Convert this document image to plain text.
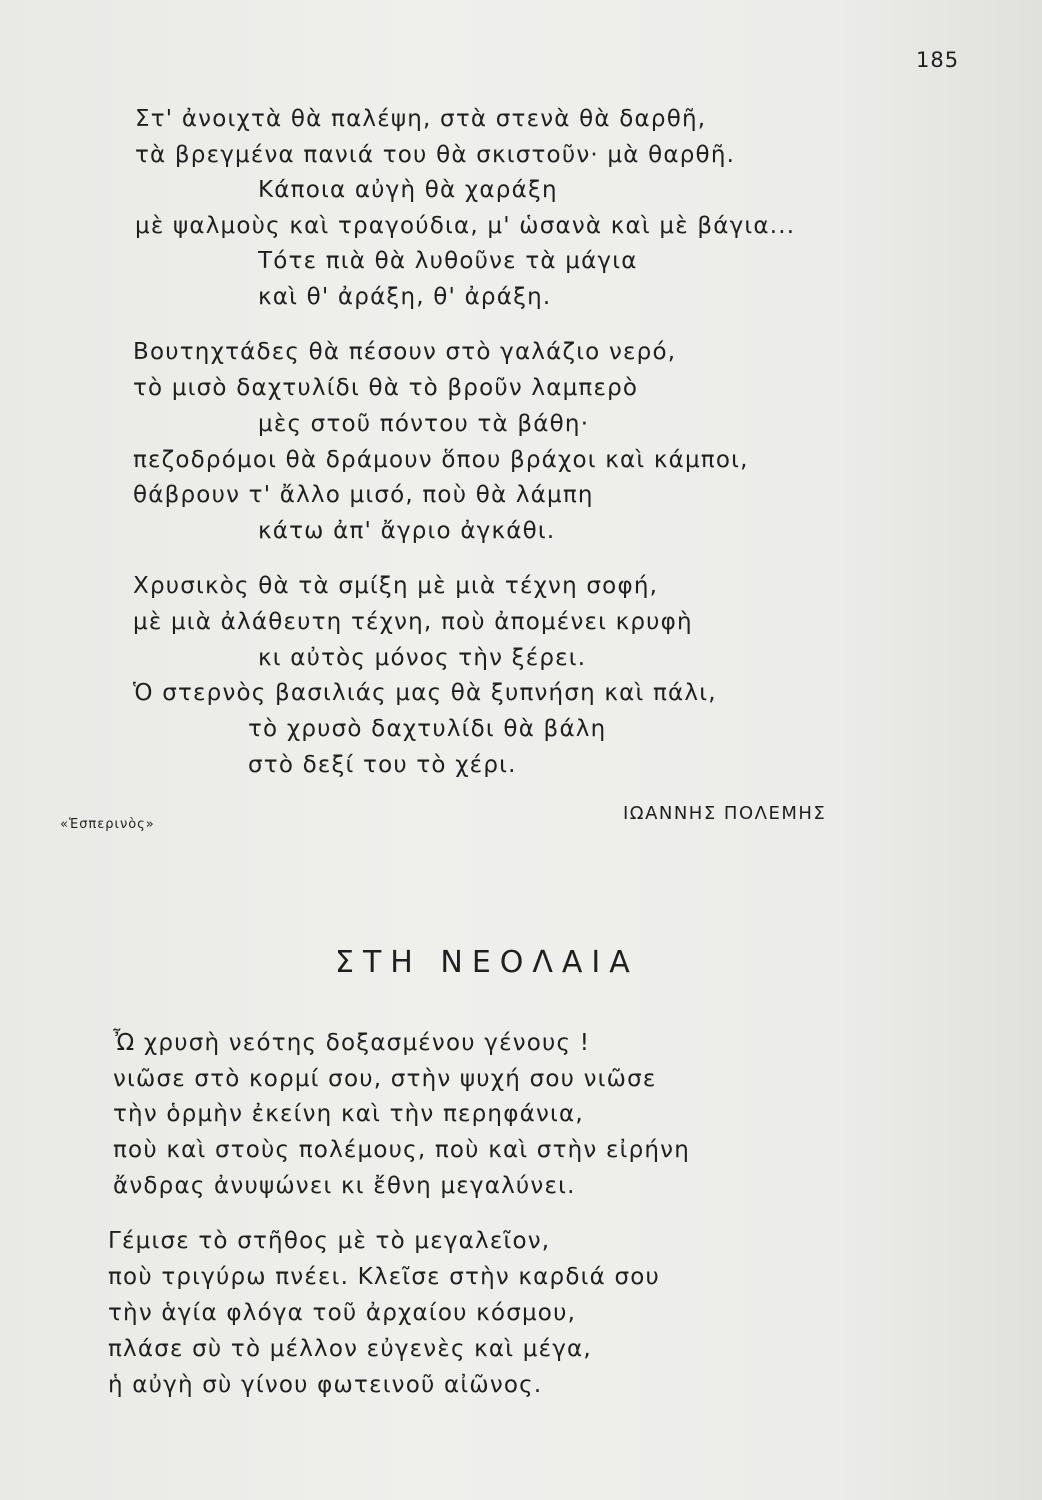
185
Στ' ἀνοιχτὰ θὰ παλέψη, στὰ στενὰ θὰ δαρθῆ,
τὰ βρεγμένα πανιά του θὰ σκιστοῦν· μὰ θαρθῆ.
Κάποια αὐγὴ θὰ χαράξη
μὲ ψαλμοὺς καὶ τραγούδια, μ' ὡσανὰ καὶ μὲ βάγια...
Τότε πιὰ θὰ λυθοῦνε τὰ μάγια
καὶ θ' ἀράξη, θ' ἀράξη.
Βουτηχτάδες θὰ πέσουν στὸ γαλάζιο νερό,
τὸ μισὸ δαχτυλίδι θὰ τὸ βροῦν λαμπερὸ
μὲς στοῦ πόντου τὰ βάθη·
πεζοδρόμοι θὰ δράμουν ὅπου βράχοι καὶ κάμποι,
θάβρουν τ' ἄλλο μισό, ποὺ θὰ λάμπη
κάτω ἀπ' ἄγριο ἀγκάθι.
Χρυσικὸς θὰ τὰ σμίξη μὲ μιὰ τέχνη σοφή,
μὲ μιὰ ἀλάθευτη τέχνη, ποὺ ἀπομένει κρυφὴ
κι αὐτὸς μόνος τὴν ξέρει.
Ὁ στερνὸς βασιλιάς μας θὰ ξυπνήση καὶ πάλι,
τὸ χρυσὸ δαχτυλίδι θὰ βάλη
στὸ δεξί του τὸ χέρι.
ΙΩΑΝΝΗΣ ΠΟΛΕΜΗΣ
«Ἑσπερινὸς»
ΣΤΗ ΝΕΟΛΑΙΑ
Ὦ χρυσὴ νεότης δοξασμένου γένους !
νιῶσε στὸ κορμί σου, στὴν ψυχή σου νιῶσε
τὴν ὁρμὴν ἐκείνη καὶ τὴν περηφάνια,
ποὺ καὶ στοὺς πολέμους, ποὺ καὶ στὴν εἰρήνη
ἄνδρας ἀνυψώνει κι ἔθνη μεγαλύνει.
Γέμισε τὸ στῆθος μὲ τὸ μεγαλεῖον,
ποὺ τριγύρω πνέει. Κλεῖσε στὴν καρδιά σου
τὴν ἁγία φλόγα τοῦ ἀρχαίου κόσμου,
πλάσε σὺ τὸ μέλλον εὐγενὲς καὶ μέγα,
ἡ αὐγὴ σὺ γίνου φωτεινοῦ αἰῶνος.
